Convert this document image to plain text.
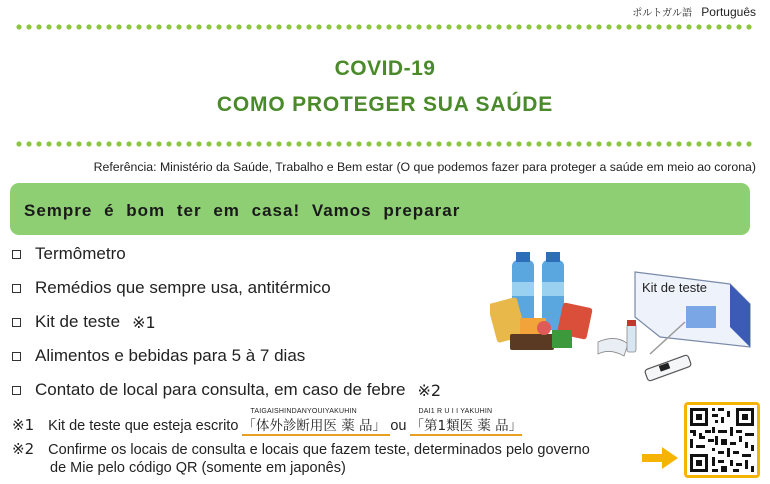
ポルトガル語 Português
COVID-19
COMO PROTEGER SUA SAÚDE
Referência: Ministério da Saúde, Trabalho e Bem estar (O que podemos fazer para proteger a saúde em meio ao corona)
Sempre é bom ter em casa! Vamos preparar
Termômetro
Remédios que sempre usa, antitérmico
Kit de teste ※1
Alimentos e bebidas para 5 à 7 dias
Contato de local para consulta, em caso de febre ※2
※1 Kit de teste que esteja escrito
TAIGAISHINDANYOUIYAKUHIN
「体外診断用医 薬 品」 ou
DAI1 R U I I YAKUHIN
「第1類医 薬 品」
※2 Confirme os locais de consulta e locais que fazem teste, determinados pelo governo
de Mie pelo código QR (somente em japonês)
Kit de teste
